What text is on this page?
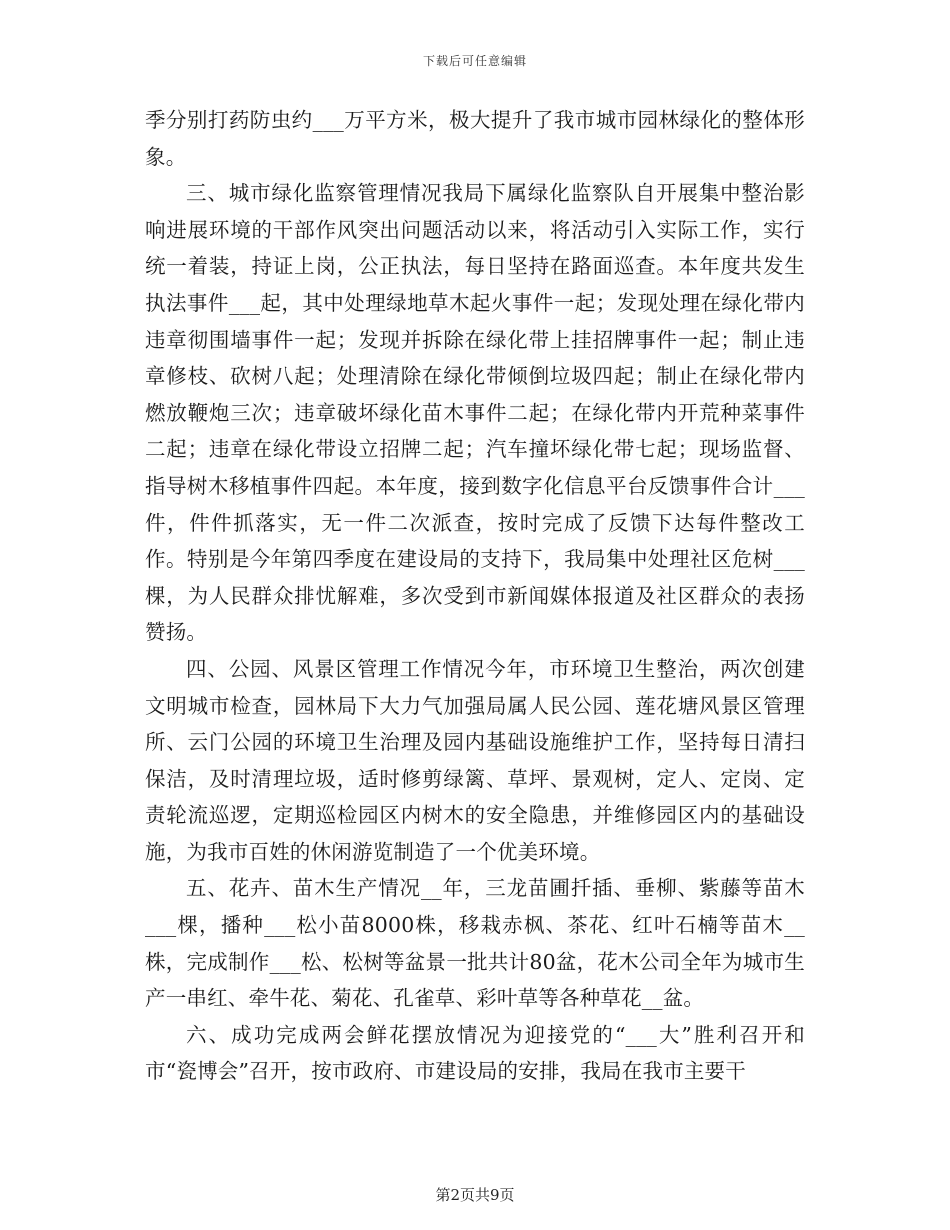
下载后可任意编辑

季分别打药防虫约___万平方米，极大提升了我市城市园林绿化的整体形象。

三、城市绿化监察管理情况我局下属绿化监察队自开展集中整治影响进展环境的干部作风突出问题活动以来，将活动引入实际工作，实行统一着装，持证上岗，公正执法，每日坚持在路面巡查。本年度共发生执法事件___起，其中处理绿地草木起火事件一起；发现处理在绿化带内违章彻围墙事件一起；发现并拆除在绿化带上挂招牌事件一起；制止违章修枝、砍树八起；处理清除在绿化带倾倒垃圾四起；制止在绿化带内燃放鞭炮三次；违章破坏绿化苗木事件二起；在绿化带内开荒种菜事件二起；违章在绿化带设立招牌二起；汽车撞坏绿化带七起；现场监督、指导树木移植事件四起。本年度，接到数字化信息平台反馈事件合计___件，件件抓落实，无一件二次派查，按时完成了反馈下达每件整改工作。特别是今年第四季度在建设局的支持下，我局集中处理社区危树___棵，为人民群众排忧解难，多次受到市新闻媒体报道及社区群众的表扬赞扬。

四、公园、风景区管理工作情况今年，市环境卫生整治，两次创建文明城市检查，园林局下大力气加强局属人民公园、莲花塘风景区管理所、云门公园的环境卫生治理及园内基础设施维护工作，坚持每日清扫保洁，及时清理垃圾，适时修剪绿篱、草坪、景观树，定人、定岗、定责轮流巡逻，定期巡检园区内树木的安全隐患，并维修园区内的基础设施，为我市百姓的休闲游览制造了一个优美环境。

五、花卉、苗木生产情况__年，三龙苗圃扦插、垂柳、紫藤等苗木___棵，播种___松小苗8000株，移栽赤枫、茶花、红叶石楠等苗木__株，完成制作___松、松树等盆景一批共计80盆，花木公司全年为城市生产一串红、牵牛花、菊花、孔雀草、彩叶草等各种草花__盆。

六、成功完成两会鲜花摆放情况为迎接党的“___大”胜利召开和市“瓷博会”召开，按市政府、市建设局的安排，我局在我市主要干

第2页共9页
